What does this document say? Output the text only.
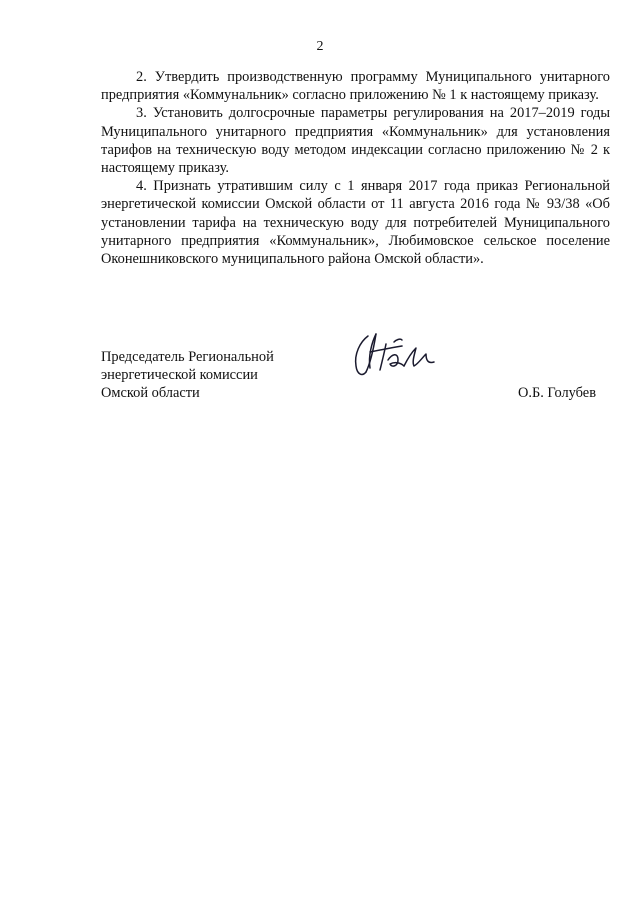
2

2. Утвердить производственную программу Муниципального унитарного предприятия «Коммунальник» согласно приложению № 1 к настоящему приказу.

3. Установить долгосрочные параметры регулирования на 2017–2019 годы Муниципального унитарного предприятия «Коммунальник» для установления тарифов на техническую воду методом индексации согласно приложению № 2 к настоящему приказу.

4. Признать утратившим силу с 1 января 2017 года приказ Региональной энергетической комиссии Омской области от 11 августа 2016 года № 93/38 «Об установлении тарифа на техническую воду для потребителей Муниципального унитарного предприятия «Коммунальник», Любимовское сельское поселение Оконешниковского муниципального района Омской области».

Председатель Региональной
энергетической комиссии
Омской области	О.Б. Голубев
